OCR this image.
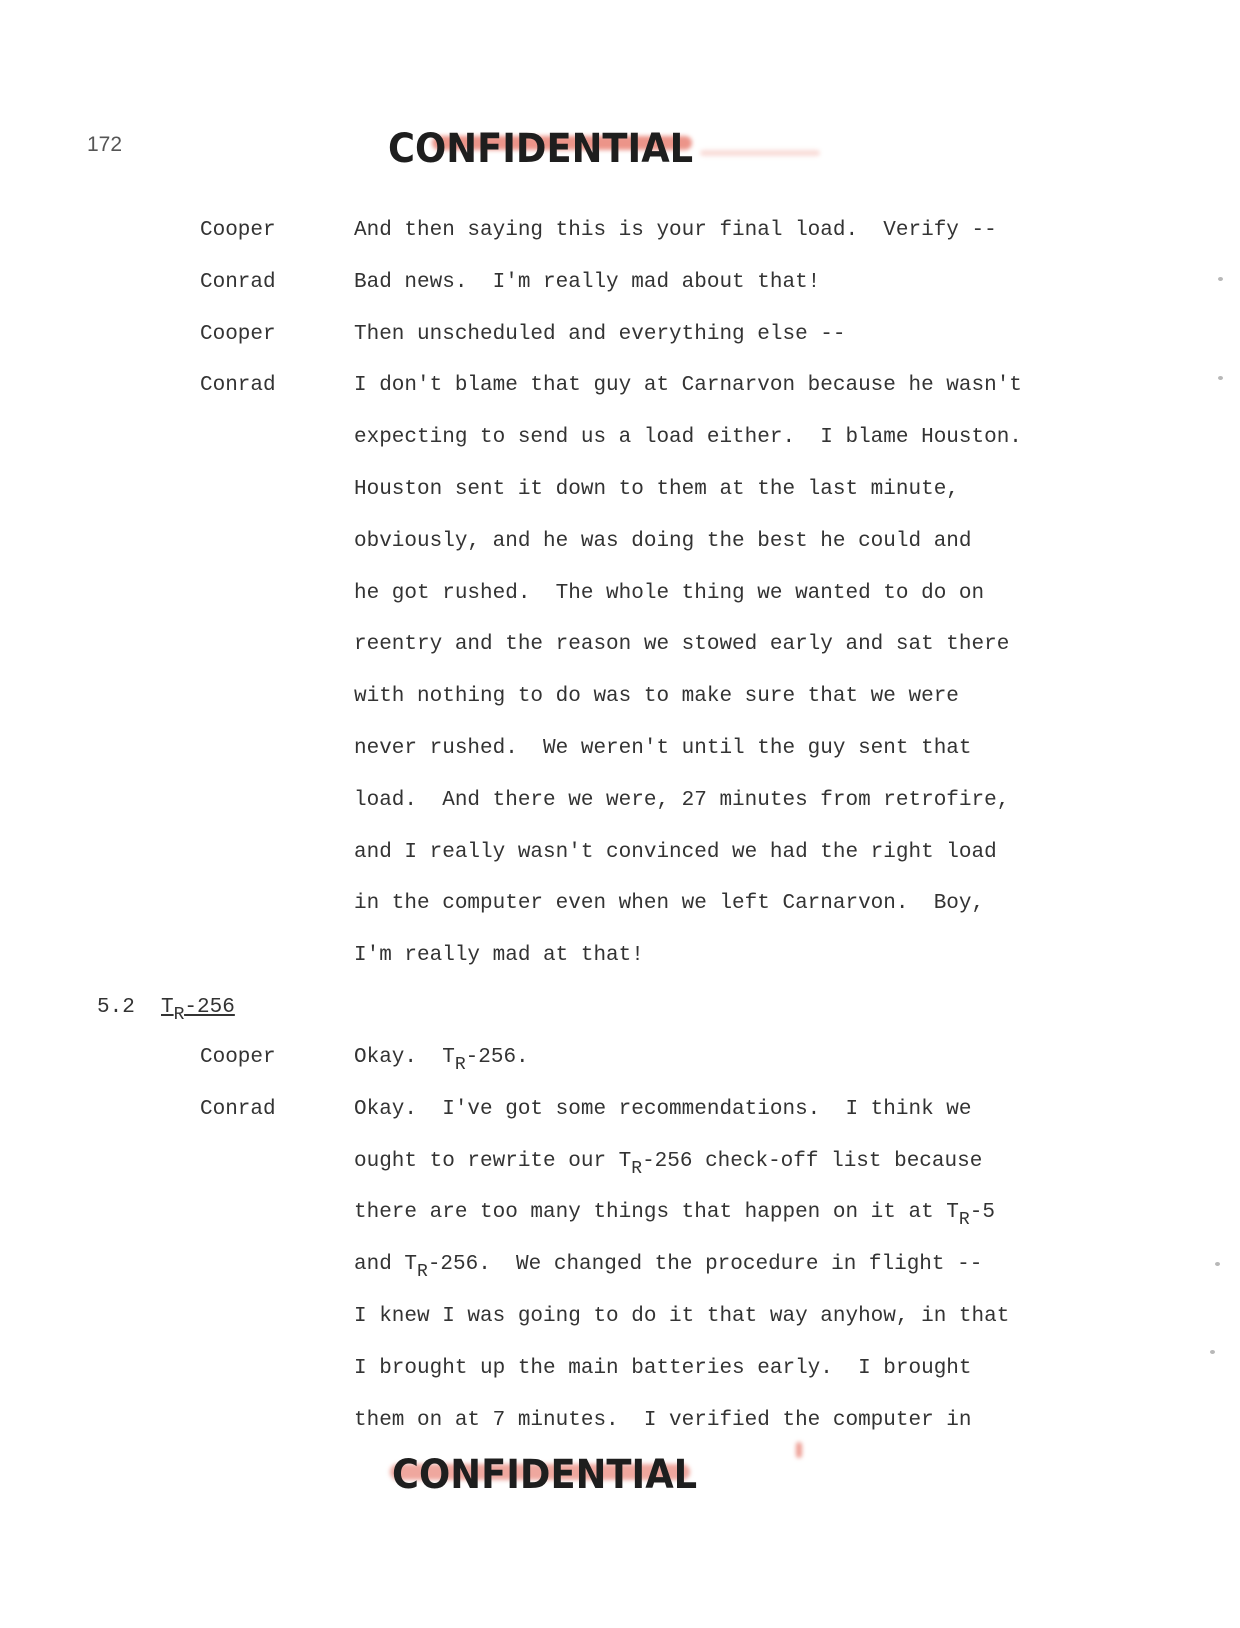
172	CONFIDENTIAL
Cooper	And then saying this is your final load.  Verify --
Conrad	Bad news.  I'm really mad about that!
Cooper	Then unscheduled and everything else --
Conrad	I don't blame that guy at Carnarvon because he wasn't
expecting to send us a load either.  I blame Houston.
Houston sent it down to them at the last minute,
obviously, and he was doing the best he could and
he got rushed.  The whole thing we wanted to do on
reentry and the reason we stowed early and sat there
with nothing to do was to make sure that we were
never rushed.  We weren't until the guy sent that
load.  And there we were, 27 minutes from retrofire,
and I really wasn't convinced we had the right load
in the computer even when we left Carnarvon.  Boy,
I'm really mad at that!
5.2 $T_R-256$
Cooper	Okay.  $T_R-256$.
Conrad	Okay.  I've got some recommendations.  I think we
ought to rewrite our $T_R-256$ check-off list because
there are too many things that happen on it at $T_R-5$
and $T_R-256$.  We changed the procedure in flight --
I knew I was going to do it that way anyhow, in that
I brought up the main batteries early.  I brought
them on at 7 minutes.  I verified the computer in
CONFIDENTIAL
